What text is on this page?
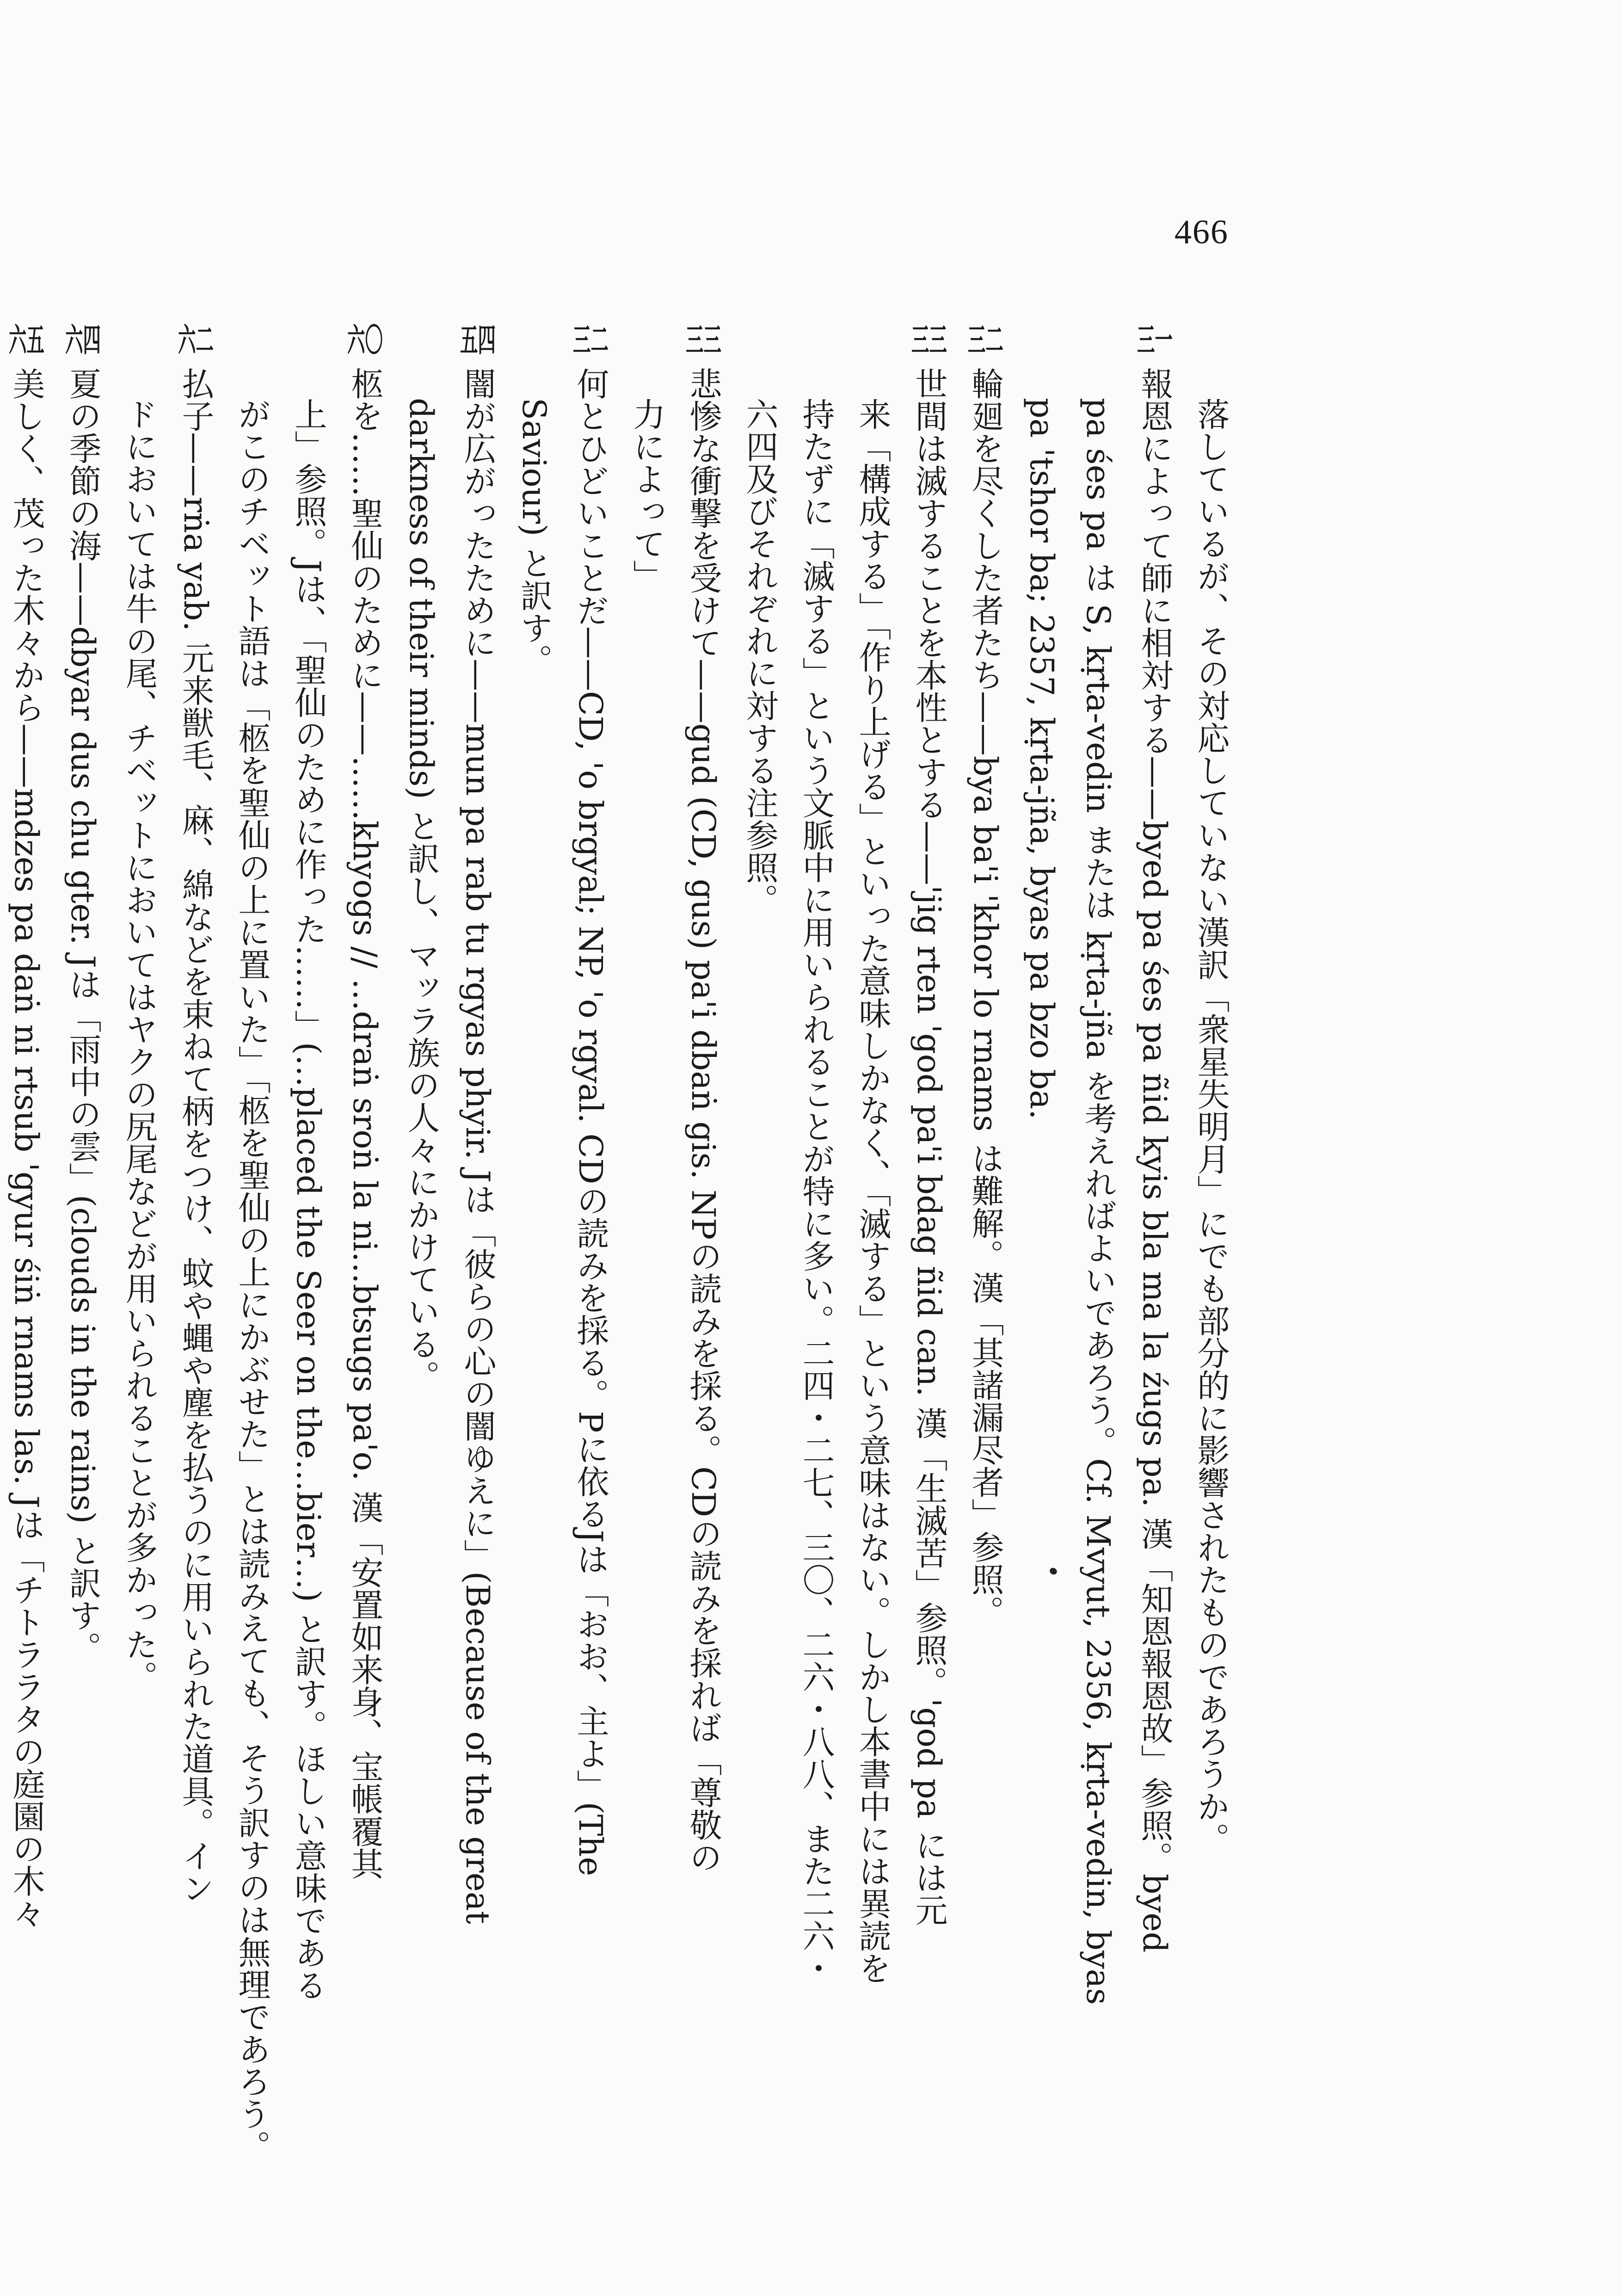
466
落しているが、その対応していない漢訳「衆星失明月」にでも部分的に影響されたものであろうか。
三一報恩によって師に相対する——byed pa śes pa ñid kyis bla ma la źugs pa. 漢「知恩報恩故」参照。byed
pa śes pa は S, kṛta-vedin または kṛta-jña を考えればよいであろう。Cf. Mvyut, 2356, kṛta-vedin, byas
pa 'tshor ba; 2357, kṛta-jña, byas pa bzo ba.
三二輪廻を尽くした者たち——bya ba'i 'khor lo rnams は難解。漢「其諸漏尽者」参照。
三三世間は滅することを本性とする——'jig rten 'god pa'i bdag ñid can. 漢「生滅苦」参照。'god pa には元
来「構成する」「作り上げる」といった意味しかなく、「滅する」という意味はない。しかし本書中には異読を
持たずに「滅する」という文脈中に用いられることが特に多い。二四・二七、三〇、二六・八八、また二六・
六四及びそれぞれに対する注参照。
三三悲惨な衝撃を受けて——gud (CD, gus) pa'i dbaṅ gis. NPの読みを採る。CDの読みを採れば「尊敬の
力によって」
三二何とひどいことだ——CD, 'o brgyal; NP, 'o rgyal. CDの読みを採る。Pに依るJは「おお、主よ」(The
Saviour) と訳す。
五四闇が広がったために——mun pa rab tu rgyas phyir. Jは「彼らの心の闇ゆえに」(Because of the great
darkness of their minds) と訳し、マッラ族の人々にかけている。
六〇柩を……聖仙のために——……khyogs // …draṅ sroṅ la ni…btsugs pa'o. 漢「安置如来身、宝帳覆其
上」参照。Jは、「聖仙のために作った……」(…placed the Seer on the…bier…) と訳す。ほしい意味である
がこのチベット語は「柩を聖仙の上に置いた」「柩を聖仙の上にかぶせた」とは読みえても、そう訳すのは無理であろう。
六二払子——rṅa yab. 元来獣毛、麻、綿などを束ねて柄をつけ、蚊や蝿や塵を払うのに用いられた道具。イン
ドにおいては牛の尾、チベットにおいてはヤクの尻尾などが用いられることが多かった。
六四夏の季節の海——dbyar dus chu gter. Jは「雨中の雲」(clouds in the rains) と訳す。
六五美しく、茂った木々から——mdzes pa daṅ ni rtsub 'gyur śiṅ rnams las. Jは「チトララタの庭園の木々
